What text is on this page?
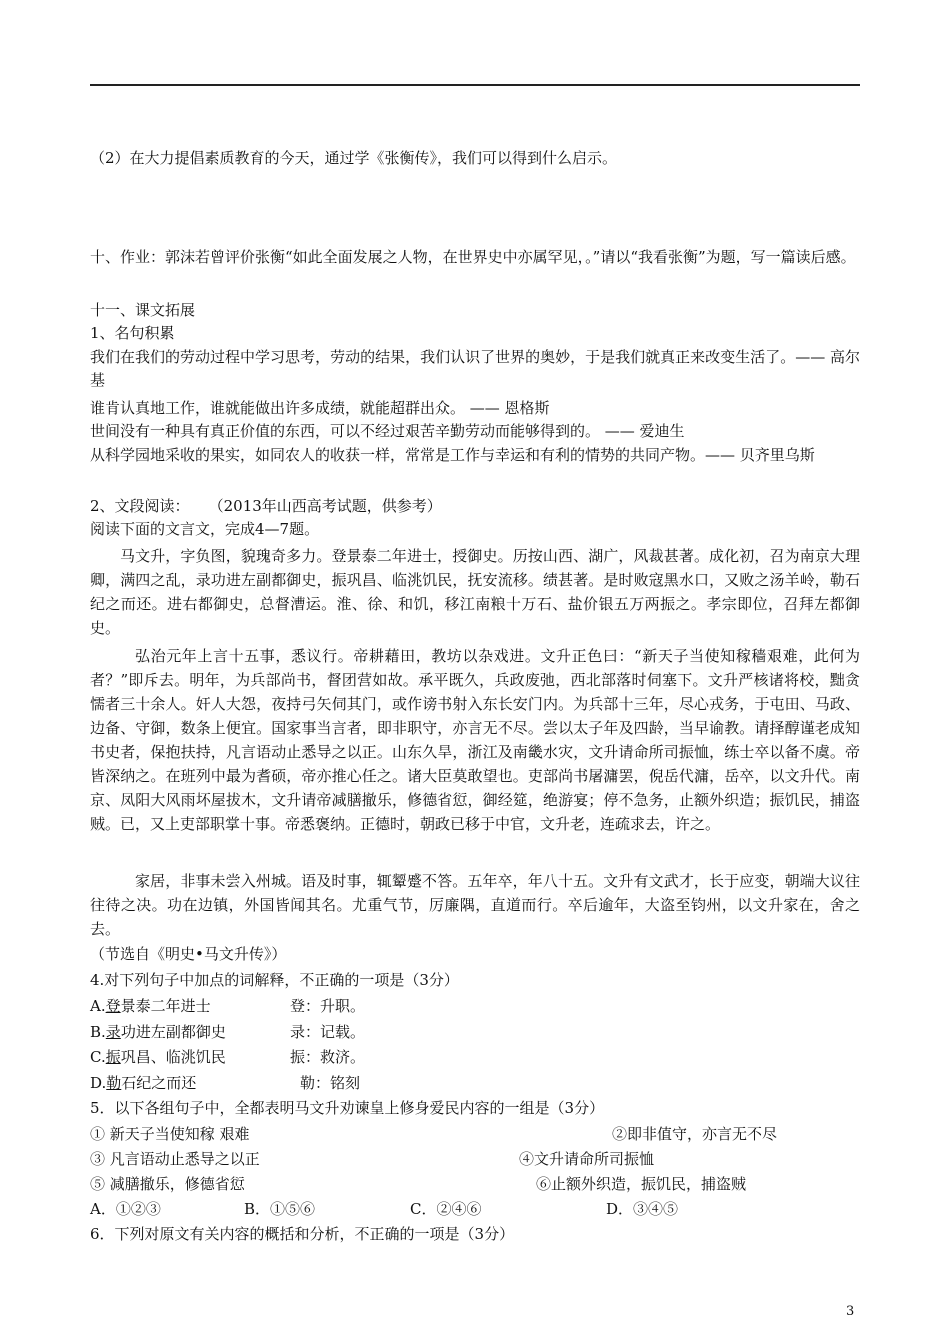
（2）在大力提倡素质教育的今天，通过学《张衡传》，我们可以得到什么启示。
十、作业：郭沫若曾评价张衡“如此全面发展之人物，在世界史中亦属罕见，。”请以“我看张衡”为题，写一篇读后感。
十一、课文拓展
1、名句积累
我们在我们的劳动过程中学习思考，劳动的结果，我们认识了世界的奥妙，于是我们就真正来改变生活了。—— 高尔基
谁肯认真地工作，谁就能做出许多成绩，就能超群出众。 —— 恩格斯
世间没有一种具有真正价值的东西，可以不经过艰苦辛勤劳动而能够得到的。 —— 爱迪生
从科学园地采收的果实，如同农人的收获一样，常常是工作与幸运和有利的情势的共同产物。—— 贝齐里乌斯
2、文段阅读：    （2013年山西高考试题，供参考）
阅读下面的文言文，完成4—7题。
马文升，字负图，貌瑰奇多力。登景泰二年进士，授御史。历按山西、湖广，风裁甚著。成化初，召为南京大理卿，满四之乱，录功进左副都御史，振巩昌、临洮饥民，抚安流移。绩甚著。是时败寇黑水口，又败之汤羊岭，勒石纪之而还。进右都御史，总督漕运。淮、徐、和饥，移江南粮十万石、盐价银五万两振之。孝宗即位，召拜左都御史。
弘治元年上言十五事，悉议行。帝耕藉田，教坊以杂戏进。文升正色曰：“新天子当使知稼穑艰难，此何为者？”即斥去。明年，为兵部尚书，督团营如故。承平既久，兵政废弛，西北部落时伺塞下。文升严核诸将校，黜贪懦者三十余人。奸人大怨，夜持弓矢伺其门，或作谤书射入东长安门内。为兵部十三年，尽心戎务，于屯田、马政、边备、守御，数条上便宜。国家事当言者，即非职守，亦言无不尽。尝以太子年及四龄，当早谕教。请择醇谨老成知书史者，保抱扶持，凡言语动止悉导之以正。山东久旱，浙江及南畿水灾，文升请命所司振恤，练士卒以备不虞。帝皆深纳之。在班列中最为耆硕，帝亦推心任之。诸大臣莫敢望也。吏部尚书屠滽罢，倪岳代滽，岳卒，以文升代。南京、凤阳大风雨坏屋拔木，文升请帝减膳撤乐，修德省愆，御经筵，绝游宴；停不急务，止额外织造；振饥民，捕盗贼。已，又上吏部职掌十事。帝悉褒纳。正德时，朝政已移于中官，文升老，连疏求去，许之。
家居，非事未尝入州城。语及时事，辄颦蹙不答。五年卒，年八十五。文升有文武才，长于应变，朝端大议往往待之决。功在边镇，外国皆闻其名。尤重气节，厉廉隅，直道而行。卒后逾年，大盗至钧州，以文升家在，舍之去。
（节选自《明史•马文升传》）
4.对下列句子中加点的词解释，不正确的一项是（3分）
A.登景泰二年进士	登：升职。
B.录功进左副都御史	录：记载。
C.振巩昌、临洮饥民	振：救济。
D.勒石纪之而还	勒：铭刻
5．以下各组句子中，全都表明马文升劝谏皇上修身爱民内容的一组是（3分）
① 新天子当使知稼 艰难	②即非值守，亦言无不尽
③ 凡言语动止悉导之以正	④文升请命所司振恤
⑤ 减膳撤乐，修德省愆	⑥止额外织造，振饥民，捕盗贼
A．①②③	B．①⑤⑥	C．②④⑥	D．③④⑤
6．下列对原文有关内容的概括和分析，不正确的一项是（3分）
3
